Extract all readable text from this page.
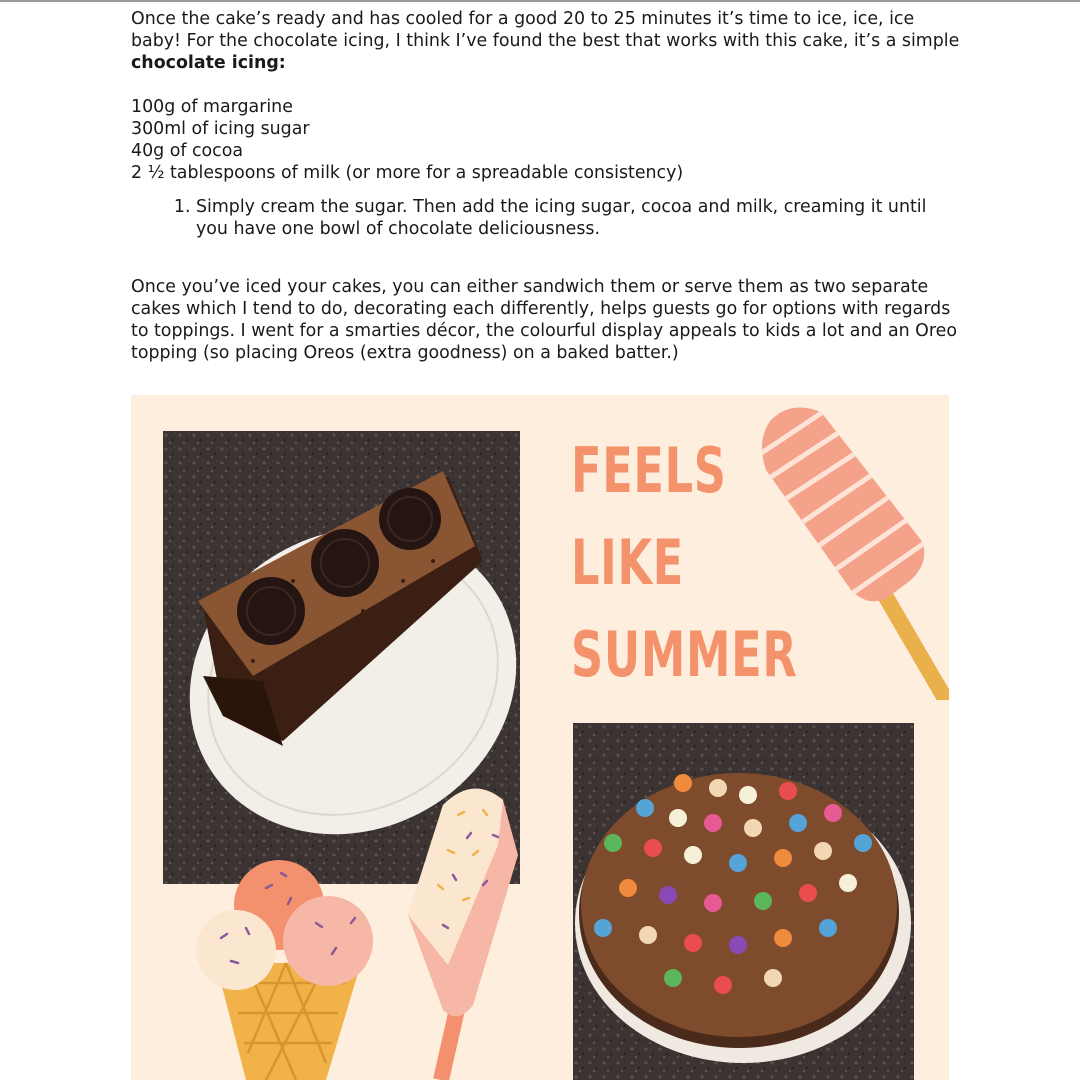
Once the cake’s ready and has cooled for a good 20 to 25 minutes it’s time to ice, ice, ice baby! For the chocolate icing, I think I’ve found the best that works with this cake, it’s a simple chocolate icing:

100g of margarine
300ml of icing sugar
40g of cocoa
2 ½ tablespoons of milk (or more for a spreadable consistency)
1. Simply cream the sugar. Then add the icing sugar, cocoa and milk, creaming it until you have one bowl of chocolate deliciousness.

Once you’ve iced your cakes, you can either sandwich them or serve them as two separate cakes which I tend to do, decorating each differently, helps guests go for options with regards to toppings. I went for a smarties décor, the colourful display appeals to kids a lot and an Oreo topping (so placing Oreos (extra goodness) on a baked batter.)

FEELS
LIKE
SUMMER
